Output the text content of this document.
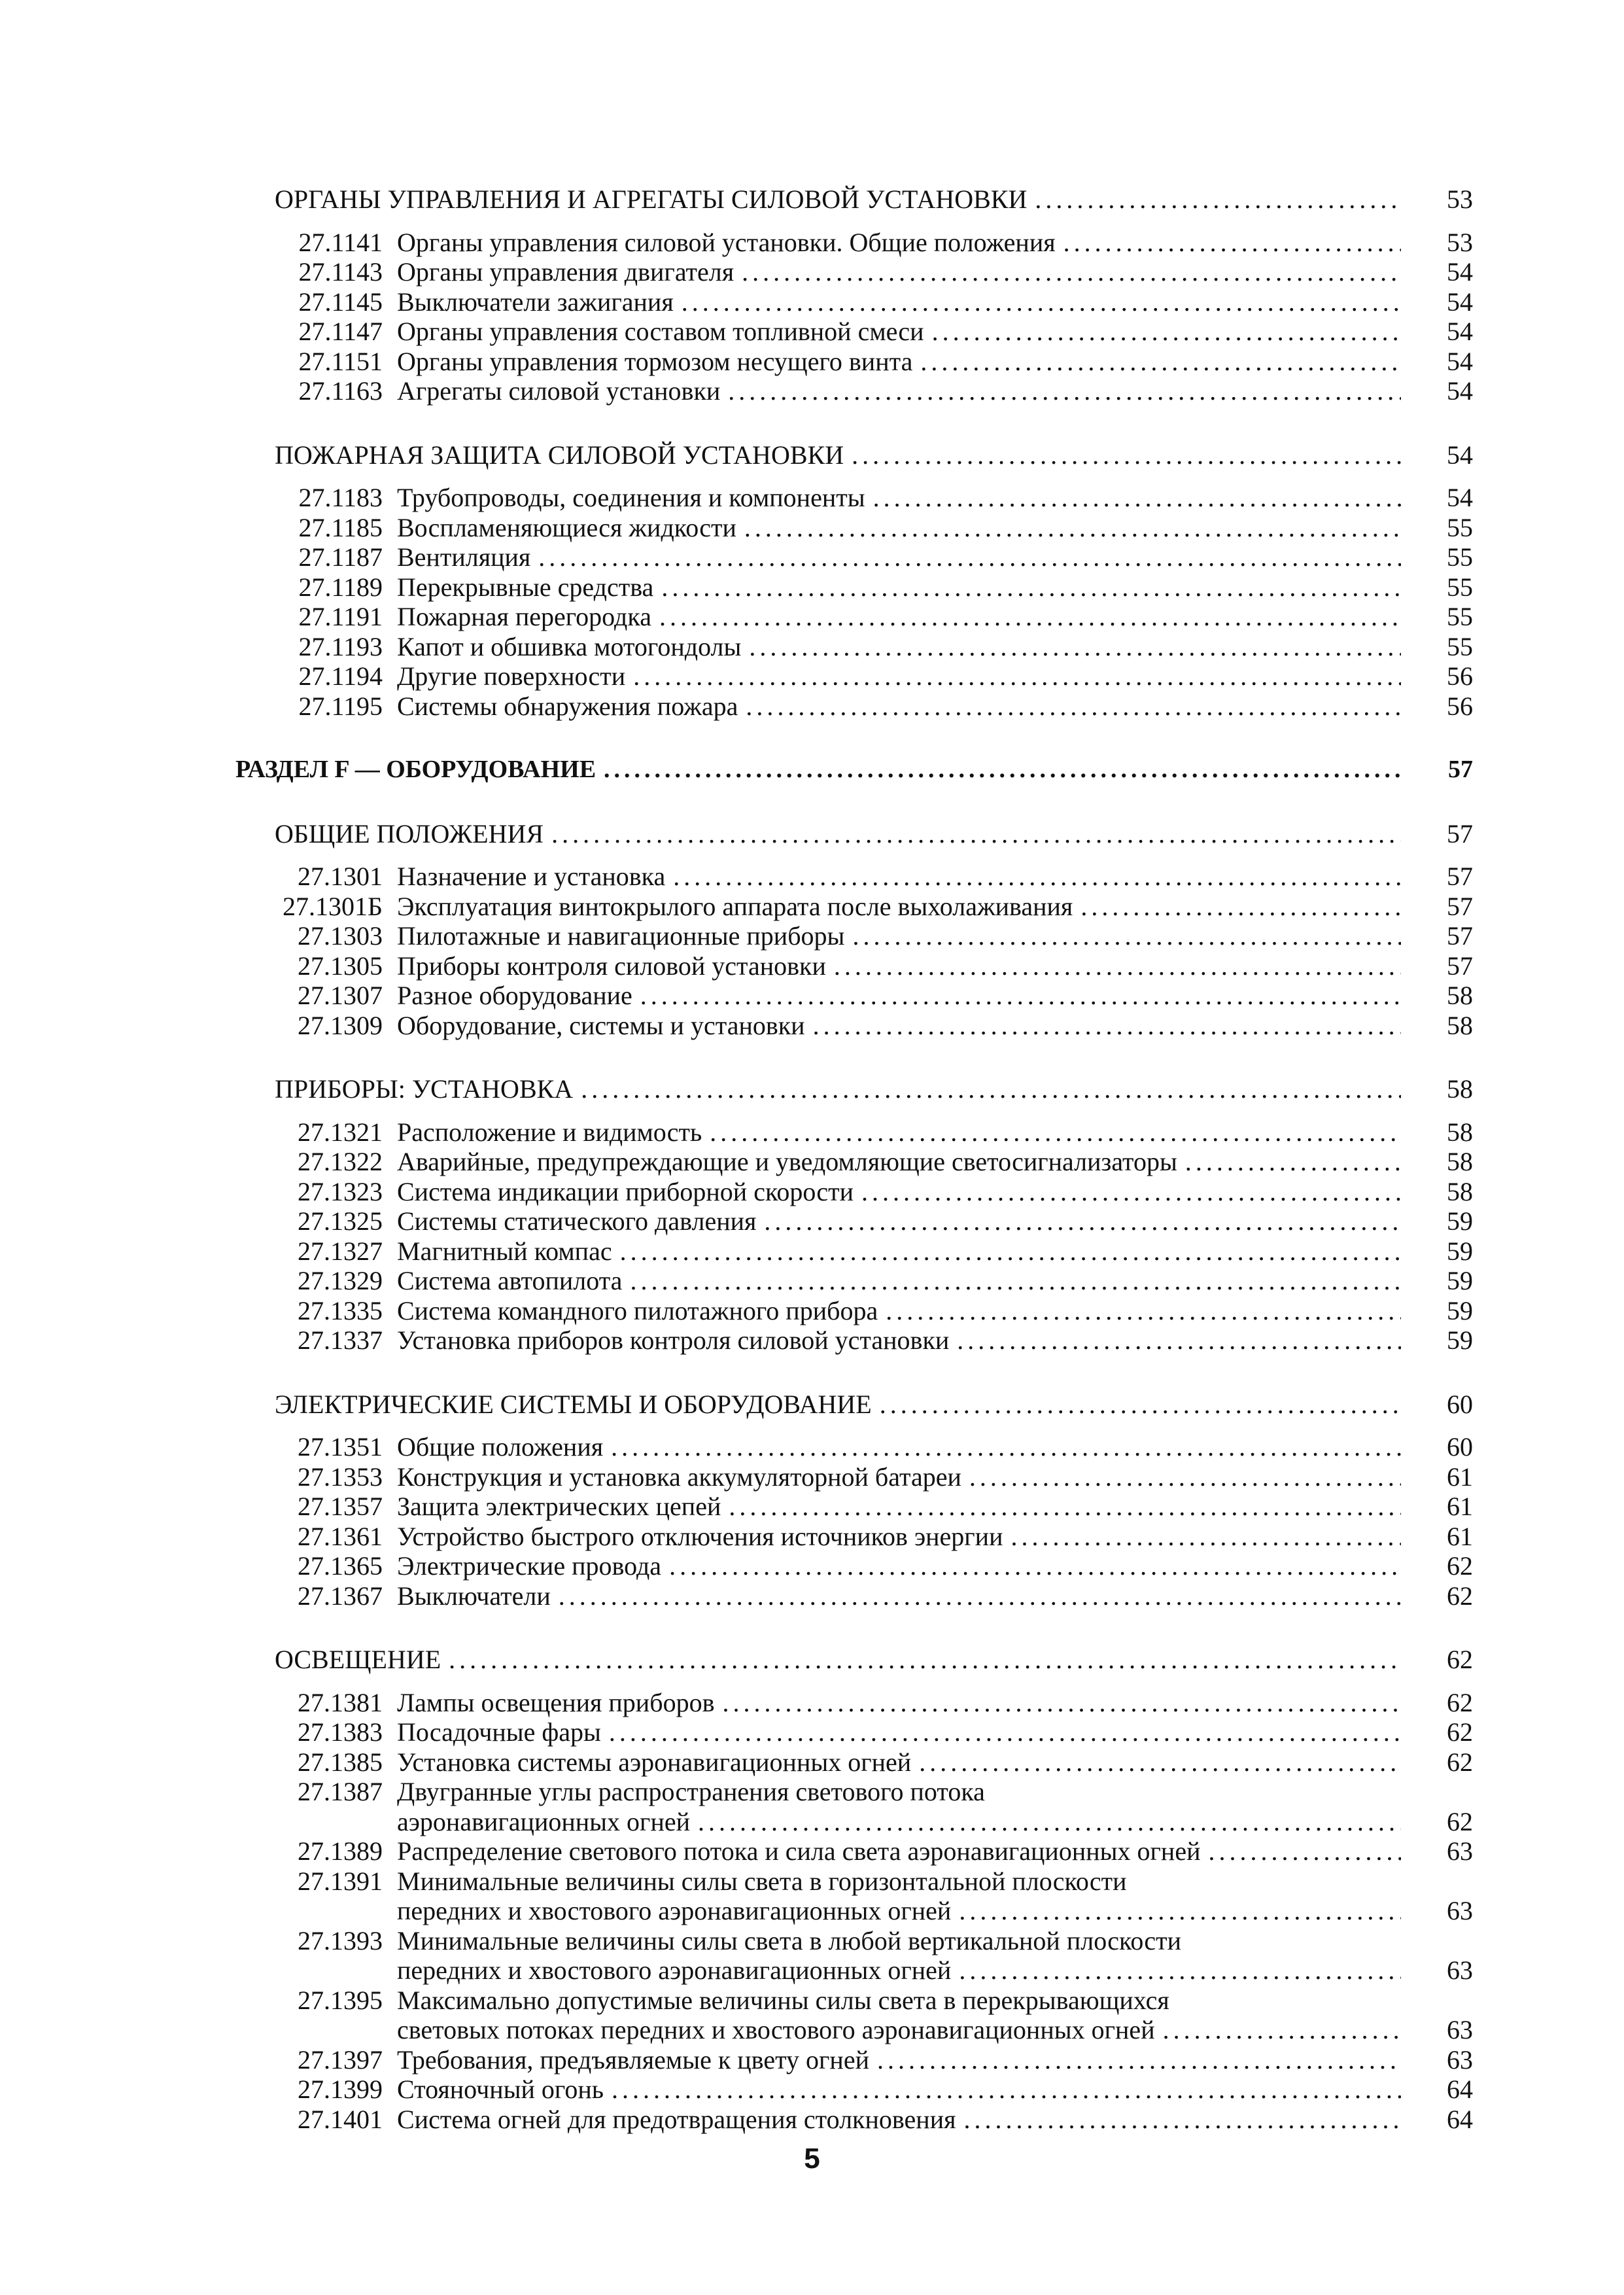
ОРГАНЫ УПРАВЛЕНИЯ И АГРЕГАТЫ СИЛОВОЙ УСТАНОВКИ .....	53
27.1141 Органы управления силовой установки. Общие положения .....	53
27.1143 Органы управления двигателя .....	54
27.1145 Выключатели зажигания .....	54
27.1147 Органы управления составом топливной смеси .....	54
27.1151 Органы управления тормозом несущего винта .....	54
27.1163 Агрегаты силовой установки .....	54
ПОЖАРНАЯ ЗАЩИТА СИЛОВОЙ УСТАНОВКИ .....	54
27.1183 Трубопроводы, соединения и компоненты .....	54
27.1185 Воспламеняющиеся жидкости .....	55
27.1187 Вентиляция .....	55
27.1189 Перекрывные средства .....	55
27.1191 Пожарная перегородка .....	55
27.1193 Капот и обшивка мотогондолы .....	55
27.1194 Другие поверхности .....	56
27.1195 Системы обнаружения пожара .....	56
РАЗДЕЛ F — ОБОРУДОВАНИЕ .....	57
ОБЩИЕ ПОЛОЖЕНИЯ .....	57
27.1301 Назначение и установка .....	57
27.1301Б Эксплуатация винтокрылого аппарата после выхолаживания .....	57
27.1303 Пилотажные и навигационные приборы .....	57
27.1305 Приборы контроля силовой установки .....	57
27.1307 Разное оборудование .....	58
27.1309 Оборудование, системы и установки .....	58
ПРИБОРЫ: УСТАНОВКА .....	58
27.1321 Расположение и видимость .....	58
27.1322 Аварийные, предупреждающие и уведомляющие светосигнализаторы .....	58
27.1323 Система индикации приборной скорости .....	58
27.1325 Системы статического давления .....	59
27.1327 Магнитный компас .....	59
27.1329 Система автопилота .....	59
27.1335 Система командного пилотажного прибора .....	59
27.1337 Установка приборов контроля силовой установки .....	59
ЭЛЕКТРИЧЕСКИЕ СИСТЕМЫ И ОБОРУДОВАНИЕ .....	60
27.1351 Общие положения .....	60
27.1353 Конструкция и установка аккумуляторной батареи .....	61
27.1357 Защита электрических цепей .....	61
27.1361 Устройство быстрого отключения источников энергии .....	61
27.1365 Электрические провода .....	62
27.1367 Выключатели .....	62
ОСВЕЩЕНИЕ .....	62
27.1381 Лампы освещения приборов .....	62
27.1383 Посадочные фары .....	62
27.1385 Установка системы аэронавигационных огней .....	62
27.1387 Двугранные углы распространения светового потока
аэронавигационных огней .....	62
27.1389 Распределение светового потока и сила света аэронавигационных огней .....	63
27.1391 Минимальные величины силы света в горизонтальной плоскости
передних и хвостового аэронавигационных огней .....	63
27.1393 Минимальные величины силы света в любой вертикальной плоскости
передних и хвостового аэронавигационных огней .....	63
27.1395 Максимально допустимые величины силы света в перекрывающихся
световых потоках передних и хвостового аэронавигационных огней .....	63
27.1397 Требования, предъявляемые к цвету огней .....	63
27.1399 Стояночный огонь .....	64
27.1401 Система огней для предотвращения столкновения .....	64
5
